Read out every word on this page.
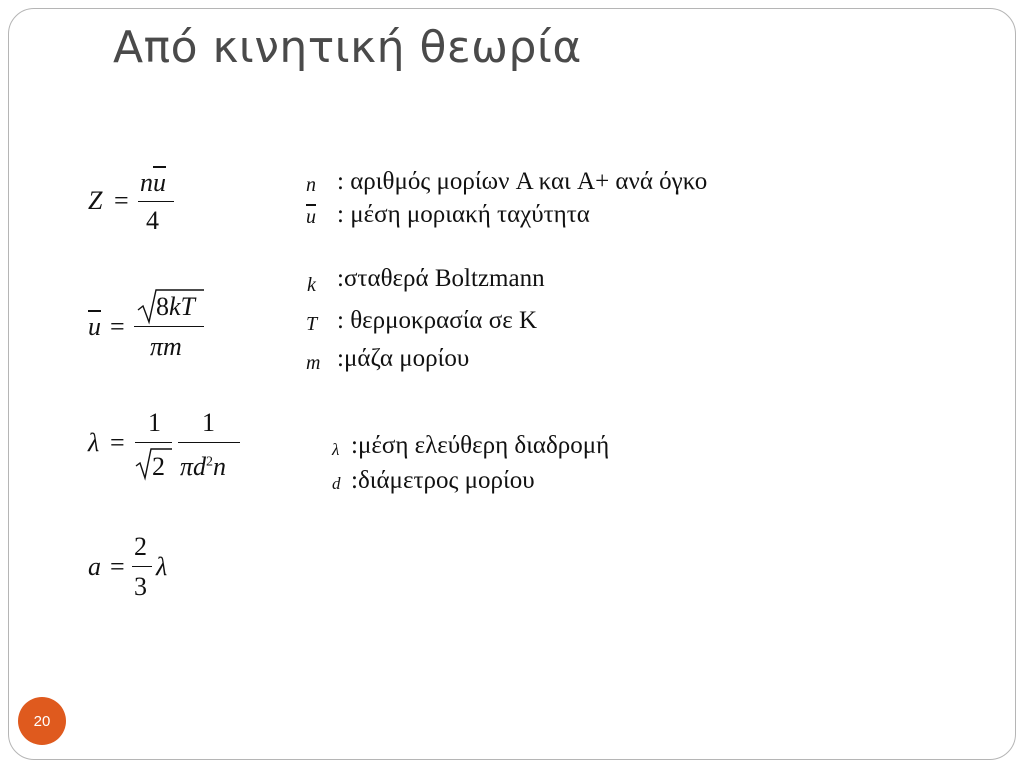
Από κινητική θεωρία
Z =
$n\overline{u}$
4
$\overline{u}$ =
8kT
πm
λ =
1
2
1
$\pi d^2n$
a =
2
3
λ
n : αριθμός μορίων A και A+ ανά όγκο
$\overline{u}$ : μέση μοριακή ταχύτητα
k :σταθερά Boltzmann
T : θερμοκρασία σε K
m :μάζα μορίου
λ :μέση ελεύθερη διαδρομή
d :διάμετρος μορίου
20
